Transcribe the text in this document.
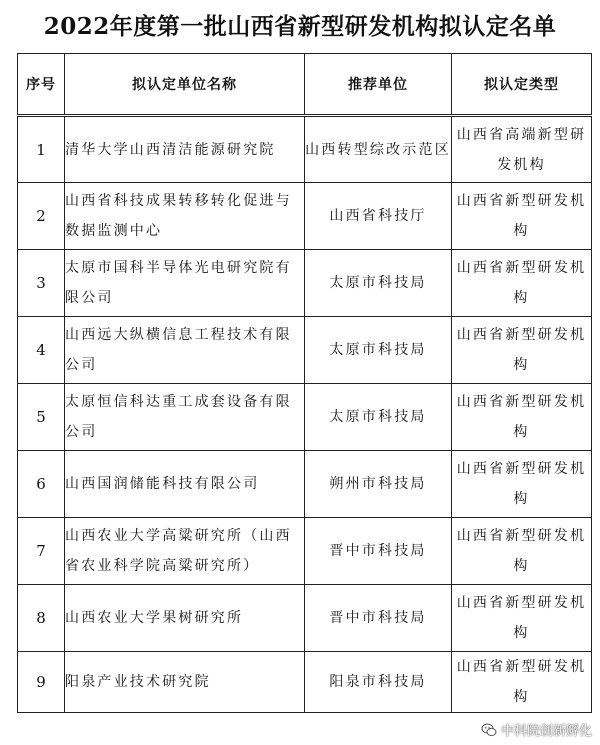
2022年度第一批山西省新型研发机构拟认定名单
序号	拟认定单位名称	推荐单位	拟认定类型
1	清华大学山西清洁能源研究院	山西转型综改示范区	山西省高端新型研发机构
2	山西省科技成果转移转化促进与数据监测中心	山西省科技厅	山西省新型研发机构
3	太原市国科半导体光电研究院有限公司	太原市科技局	山西省新型研发机构
4	山西远大纵横信息工程技术有限公司	太原市科技局	山西省新型研发机构
5	太原恒信科达重工成套设备有限公司	太原市科技局	山西省新型研发机构
6	山西国润储能科技有限公司	朔州市科技局	山西省新型研发机构
7	山西农业大学高粱研究所（山西省农业科学院高粱研究所）	晋中市科技局	山西省新型研发机构
8	山西农业大学果树研究所	晋中市科技局	山西省新型研发机构
9	阳泉产业技术研究院	阳泉市科技局	山西省新型研发机构
中科院创新孵化
